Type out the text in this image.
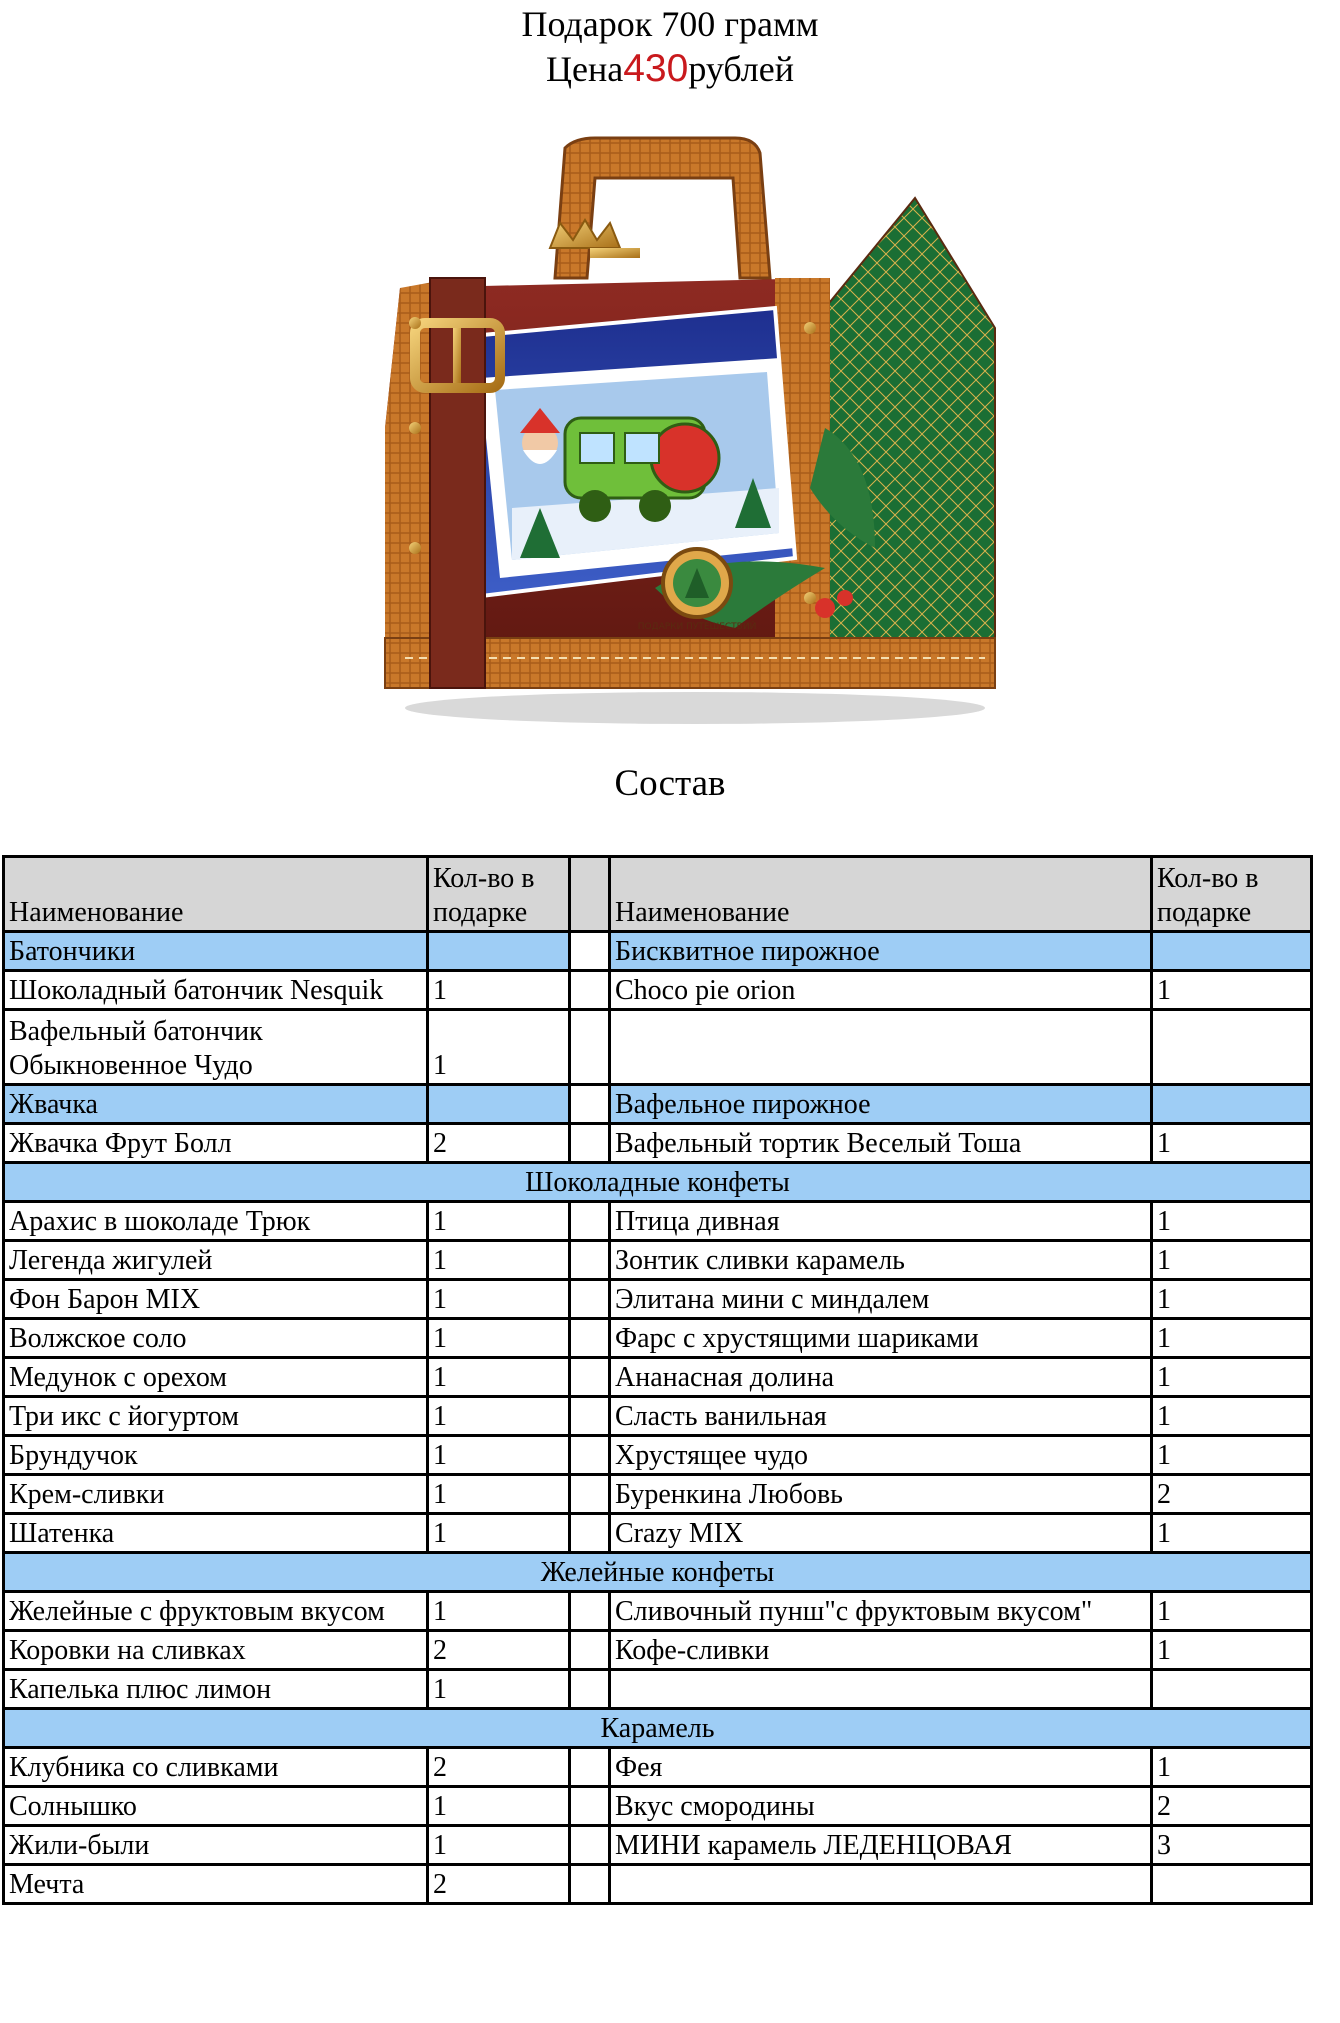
Подарок 700 грамм
Цена430рублей
ПОДАРКИ ПУТЕШЕСТВИЙ
Состав
Наименование	Кол-во в подарке		Наименование	Кол-во в подарке
Батончики			Бисквитное пирожное	
Шоколадный батончик Nesquik	1		Choco pie orion	1
Вафельный батончик Обыкновенное Чудо	1			
Жвачка			Вафельное пирожное	
Жвачка Фрут Болл	2		Вафельный тортик Веселый Тоша	1
Шоколадные конфеты				
Арахис в шоколаде Трюк	1		Птица дивная	1
Легенда жигулей	1		Зонтик сливки карамель	1
Фон Барон MIX	1		Элитана мини с миндалем	1
Волжское соло	1		Фарс с хрустящими шариками	1
Медунок с орехом	1		Ананасная долина	1
Три икс с йогуртом	1		Сласть ванильная	1
Брундучок	1		Хрустящее чудо	1
Крем-сливки	1		Буренкина Любовь	2
Шатенка	1		Crazy MIX	1
Желейные конфеты				
Желейные с фруктовым вкусом	1		Сливочный пунш"с фруктовым вкусом"	1
Коровки на сливках	2		Кофе-сливки	1
Капелька плюс лимон	1			
Карамель				
Клубника со сливками	2		Фея	1
Солнышко	1		Вкус смородины	2
Жили-были	1		МИНИ карамель ЛЕДЕНЦОВАЯ	3
Мечта	2			
